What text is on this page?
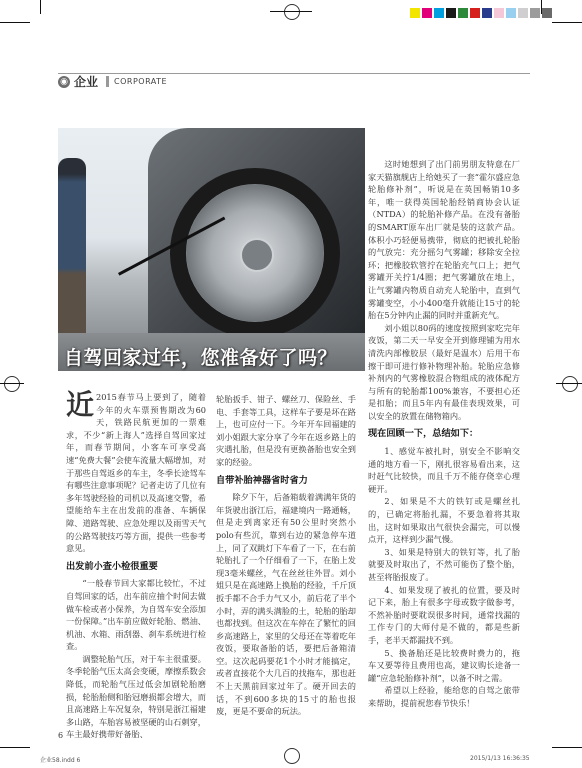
◉ 企业 CORPORATE
自驾回家过年，您准备好了吗？

近 2015春节马上要到了，随着今年的火车票预售期改为60天，铁路民航更加的一票难求，不少“新上海人”选择自驾回家过年，而春节期间，小客车可享受高速“免费大餐”会使车流量大幅增加，对于那些自驾返乡的车主，冬季长途驾车有哪些注意事项呢？记者走访了几位有多年驾驶经验的司机以及高速交警，希望能给车主在出发前的准备、车辆保障、道路驾驶、应急处理以及雨雪天气的公路驾驶技巧等方面，提供一些参考意见。

出发前小查小检很重要

“一般春节回大家都比较忙，不过自驾回家的话，出车前应抽个时间去做做车检或者小保养，为自驾车安全添加一份保障。”出车前应做好轮胎、燃油、机油、水箱、雨刮器、刹车系统进行检查。

调整轮胎气压，对于车主很重要。冬季轮胎气压太高会变硬，摩擦系数会降低，而轮胎气压过低会加剧轮胎磨损，轮胎胎侧和胎冠磨损都会增大，而且高速路上车况复杂，特别是浙江福建多山路，车胎容易被坚硬的山石刺穿，车主最好携带好备胎、

轮胎扳手、钳子、螺丝刀、保险丝、手电、手套等工具，这样车子要是坏在路上，也可应付一下。今年开车回福建的刘小姐跟大家分享了今年在返乡路上的灾遇扎胎，但是没有更换备胎也安全到家的经验。

自带补胎神器省时省力

除夕下午，后备箱载着满满年货的年货驶出浙江后，福建境内一路通畅，但是走到离家还有50公里时突然小polo有些沉，靠到右边的紧急停车道上，同了双跳灯下车看了一下，在右前轮胎扎了一个仔细看了一下，在胎上发现3毫米螺丝，气在丝丝往外冒。刘小姐只是在高速路上换胎的经验，千斤顶扳手都不合手力气又小，前后花了半个小时，弄的满头满脸的土，轮胎的胎却也都找到。但这次在车停在了繁忙的回乡高速路上，家里的父母还在等着吃年夜饭，要取备胎的话，要把后备箱清空。这次起码要花1个小时才能搞定，或者直接花个大几百的找拖车，那也赶不上天黑前回家过年了。硬开回去的话，不到600多块的15寸的胎也报废，更是不要命的玩法。

这时她想到了出门前男朋友特意在厂家天猫旗舰店上给她买了一套“霍尔盛应急轮胎修补剂”，听说是在英国畅销10多年，唯一获得英国轮胎经销商协会认证（NTDA）的轮胎补修产品。在没有备胎的SMART原车出厂就是装的这款产品。体积小巧轻便易携带，彻底的把被扎轮胎的气放完：充分摇匀气雾罐；移除安全拉环；把橡胶软管拧在轮胎充气口上；把气雾罐开关拧1/4圈；把气雾罐放在地上，让气雾罐内物质自动充人轮胎中，直到气雾罐变空，小小400毫升就能让15寸的轮胎在5分钟内止漏的同时并重新充气。

刘小姐以80码的速度按照到家吃完年夜饭，第二天一早安全开到修理铺为用水清洗内部橡胶层（最好是温水）后用干布擦干即可进行修补物理补胎。轮胎应急修补剂内的气雾橡胶混合物组成的液体配方与所有的轮胎都100%兼容，不要担心还是扣胎；而且5年内有最佳表现效果，可以安全的放置在储物箱内。

现在回顾一下，总结如下：

1、感觉车被扎时，别安全不影响交通的地方看一下，刚扎很容易看出来，这时赶气比较快，而且千万不能存侥幸心理硬开。

2、如果是不大的铁钉或是螺丝扎的，已确定将胎扎漏，不要急着将其取出，这时如果取出气很快会漏完，可以慢点开，这样到少漏气慢。

3、如果是特别大的铁钉等，扎了胎就要及时取出了，不然可能伤了整个胎，甚至将胎报废了。

4、如果发现了被扎的位置，要及时记下来，胎上有很多字母或数字做参考，不然补胎时要耽误很多时间，通常找漏的工作专门的大师付是不做的，都是些新手，老半天都漏找不到。

5、换备胎还是比较费时费力的，拖车又要等待且费用也高，建议购长途备一罐“应急轮胎修补剂”，以备不时之需。

希望以上经验，能给您的自驾之旅带来帮助，提前祝您春节快乐！

6
企业58.indd 6	2015/1/13 16:36:35
